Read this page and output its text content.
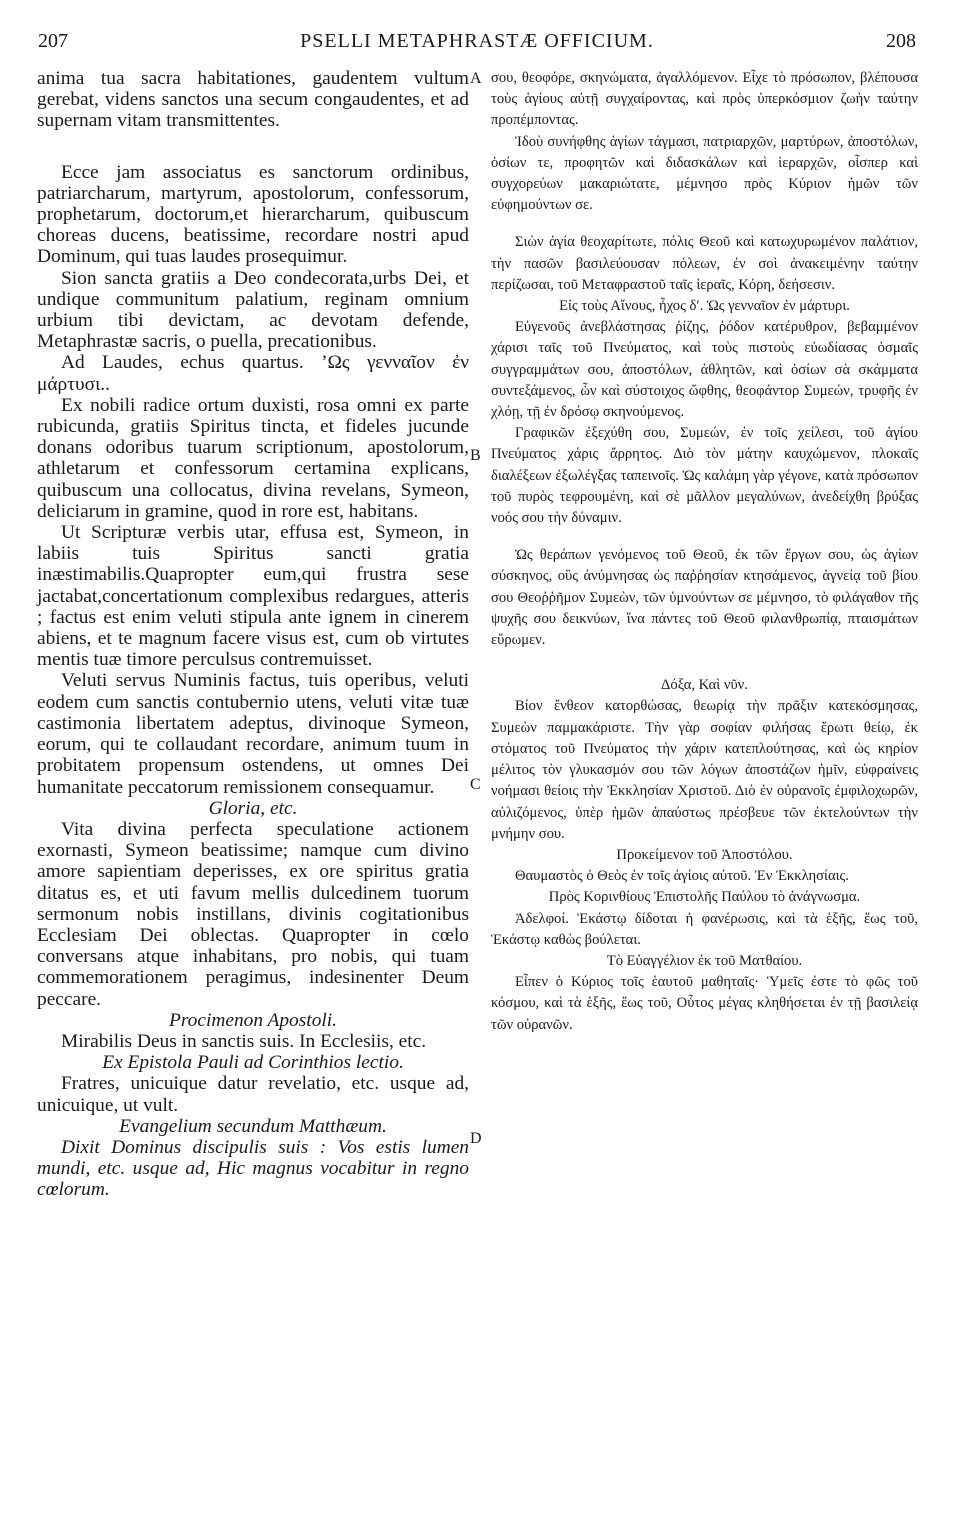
207	PSELLI METAPHRASTÆ OFFICIUM.	208
A
B
C
D

anima tua sacra habitationes, gaudentem vultum gerebat, videns sanctos una secum congaudentes, et ad supernam vitam transmittentes.

Ecce jam associatus es sanctorum ordinibus, patriarcharum, martyrum, apostolorum, confessorum, prophetarum, doctorum,et hierarcharum, quibuscum choreas ducens, beatissime, recordare nostri apud Dominum, qui tuas laudes prosequimur.

Sion sancta gratiis a Deo condecorata,urbs Dei, et undique communitum palatium, reginam omnium urbium tibi devictam, ac devotam defende, Metaphrastæ sacris, o puella, precationibus.

Ad Laudes, echus quartus. ’Ως γενναῖον ἐν μάρτυσι..

Ex nobili radice ortum duxisti, rosa omni ex parte rubicunda, gratiis Spiritus tincta, et fideles jucunde donans odoribus tuarum scriptionum, apostolorum, athletarum et confessorum certamina explicans, quibuscum una collocatus, divina revelans, Symeon, deliciarum in gramine, quod in rore est, habitans.

Ut Scripturæ verbis utar, effusa est, Symeon, in labiis tuis Spiritus sancti gratia inæstimabilis.Quapropter eum,qui frustra sese jactabat,concertationum complexibus redargues, atteris ; factus est enim veluti stipula ante ignem in cinerem abiens, et te magnum facere visus est, cum ob virtutes mentis tuæ timore perculsus contremuisset.

Veluti servus Numinis factus, tuis operibus, veluti eodem cum sanctis contubernio utens, veluti vitæ tuæ castimonia libertatem adeptus, divinoque Symeon, eorum, qui te collaudant recordare, animum tuum in probitatem propensum ostendens, ut omnes Dei humanitate peccatorum remissionem consequamur.

Gloria, etc.

Vita divina perfecta speculatione actionem exornasti, Symeon beatissime; namque cum divino amore sapientiam deperisses, ex ore spiritus gratia ditatus es, et uti favum mellis dulcedinem tuorum sermonum nobis instillans, divinis cogitationibus Ecclesiam Dei oblectas. Quapropter in cœlo conversans atque inhabitans, pro nobis, qui tuam commemorationem peragimus, indesinenter Deum peccare.

Procimenon Apostoli.

Mirabilis Deus in sanctis suis. In Ecclesiis, etc.

Ex Epistola Pauli ad Corinthios lectio.

Fratres, unicuique datur revelatio, etc. usque ad, unicuique, ut vult.

Evangelium secundum Matthæum.

Dixit Dominus discipulis suis : Vos estis lumen mundi, etc. usque ad, Hic magnus vocabitur in regno cœlorum.

σου, θεοφόρε, σκηνώματα, ἀγαλλόμενον. Εἶχε τὸ πρόσωπον, βλέπουσα τοὺς ἁγίους αὐτῇ συγχαίροντας, καὶ πρὸς ὑπερκόσμιον ζωὴν ταύτην προπέμποντας.

Ἰδοὺ συνήφθης ἁγίων τάγμασι, πατριαρχῶν, μαρτύρων, ἀποστόλων, ὁσίων τε, προφητῶν καὶ διδασκάλων καὶ ἱεραρχῶν, οἷσπερ καὶ συγχορεύων μακαριώτατε, μέμνησο πρὸς Κύριον ἡμῶν τῶν εὐφημούντων σε.

Σιὼν ἁγία θεοχαρίτωτε, πόλις Θεοῦ καὶ κατωχυρωμένον παλάτιον, τὴν πασῶν βασιλεύουσαν πόλεων, ἐν σοὶ ἀνακειμένην ταύτην περίζωσαι, τοῦ Μεταφραστοῦ ταῖς ἱεραῖς, Κόρη, δεήσεσιν.

Εἰς τοὺς Αἴνους, ἦχος δʹ. Ὡς γενναῖον ἐν μάρτυρι.

Εὐγενοῦς ἀνεβλάστησας ῥίζης, ῥόδον κατέρυθρον, βεβαμμένον χάρισι ταῖς τοῦ Πνεύματος, καὶ τοὺς πιστοὺς εὐωδίασας ὀσμαῖς συγγραμμάτων σου, ἀποστόλων, ἀθλητῶν, καὶ ὁσίων σὰ σκάμματα συντεξάμενος, ὧν καὶ σύστοιχος ὤφθης, θεοφάντορ Συμεών, τρυφῆς ἐν χλόῃ, τῇ ἐν δρόσῳ σκηνούμενος.

Γραφικῶν ἐξεχύθη σου, Συμεών, ἐν τοῖς χείλεσι, τοῦ ἁγίου Πνεύματος χάρις ἄρρητος. Διὸ τὸν μάτην καυχώμενον, πλοκαῖς διαλέξεων ἐξωλέγξας ταπεινοῖς. Ὡς καλάμη γὰρ γέγονε, κατὰ πρόσωπον τοῦ πυρὸς τεφρουμένη, καὶ σὲ μᾶλλον μεγαλύνων, ἀνεδείχθη βρύξας νοός σου τὴν δύναμιν.

Ὡς θεράπων γενόμενος τοῦ Θεοῦ, ἐκ τῶν ἔργων σου, ὡς ἁγίων σύσκηνος, οὓς ἀνύμνησας ὡς παῤῥησίαν κτησάμενος, ἁγνείᾳ τοῦ βίου σου Θεοῤῥῆμον Συμεὼν, τῶν ὑμνούντων σε μέμνησο, τὸ φιλάγαθον τῆς ψυχῆς σου δεικνύων, ἵνα πάντες τοῦ Θεοῦ φιλανθρωπίᾳ, πταισμάτων εὕρωμεν.

Δόξα, Καὶ νῦν.

Βίον ἔνθεον κατορθώσας, θεωρίᾳ τὴν πρᾶξιν κατεκόσμησας, Συμεὼν παμμακάριστε. Τὴν γὰρ σοφίαν φιλήσας ἔρωτι θείῳ, ἐκ στόματος τοῦ Πνεύματος τὴν χάριν κατεπλούτησας, καὶ ὡς κηρίον μέλιτος τὸν γλυκασμόν σου τῶν λόγων ἀποστάζων ἡμῖν, εὐφραίνεις νοήμασι θείοις τὴν Ἐκκλησίαν Χριστοῦ. Διὸ ἐν οὐρανοῖς ἐμφιλοχωρῶν, αὐλιζόμενος, ὑπὲρ ἡμῶν ἀπαύστως πρέσβευε τῶν ἐκτελούντων τὴν μνήμην σου.

Προκείμενον τοῦ Ἀποστόλου.

Θαυμαστὸς ὁ Θεὸς ἐν τοῖς ἁγίοις αὐτοῦ. Ἐν Ἐκκλησίαις.

Πρὸς Κορινθίους Ἐπιστολῆς Παύλου τὸ ἀνάγνωσμα.

Ἀδελφοί. Ἑκάστῳ δίδοται ἡ φανέρωσις, καὶ τὰ ἑξῆς, ἕως τοῦ, Ἑκάστῳ καθὼς βούλεται.

Τὸ Εὐαγγέλιον ἐκ τοῦ Ματθαίου.

Εἶπεν ὁ Κύριος τοῖς ἑαυτοῦ μαθηταῖς· Ὑμεῖς ἐστε τὸ φῶς τοῦ κόσμου, καὶ τὰ ἑξῆς, ἕως τοῦ, Οὗτος μέγας κληθήσεται ἐν τῇ βασιλείᾳ τῶν οὐρανῶν.
